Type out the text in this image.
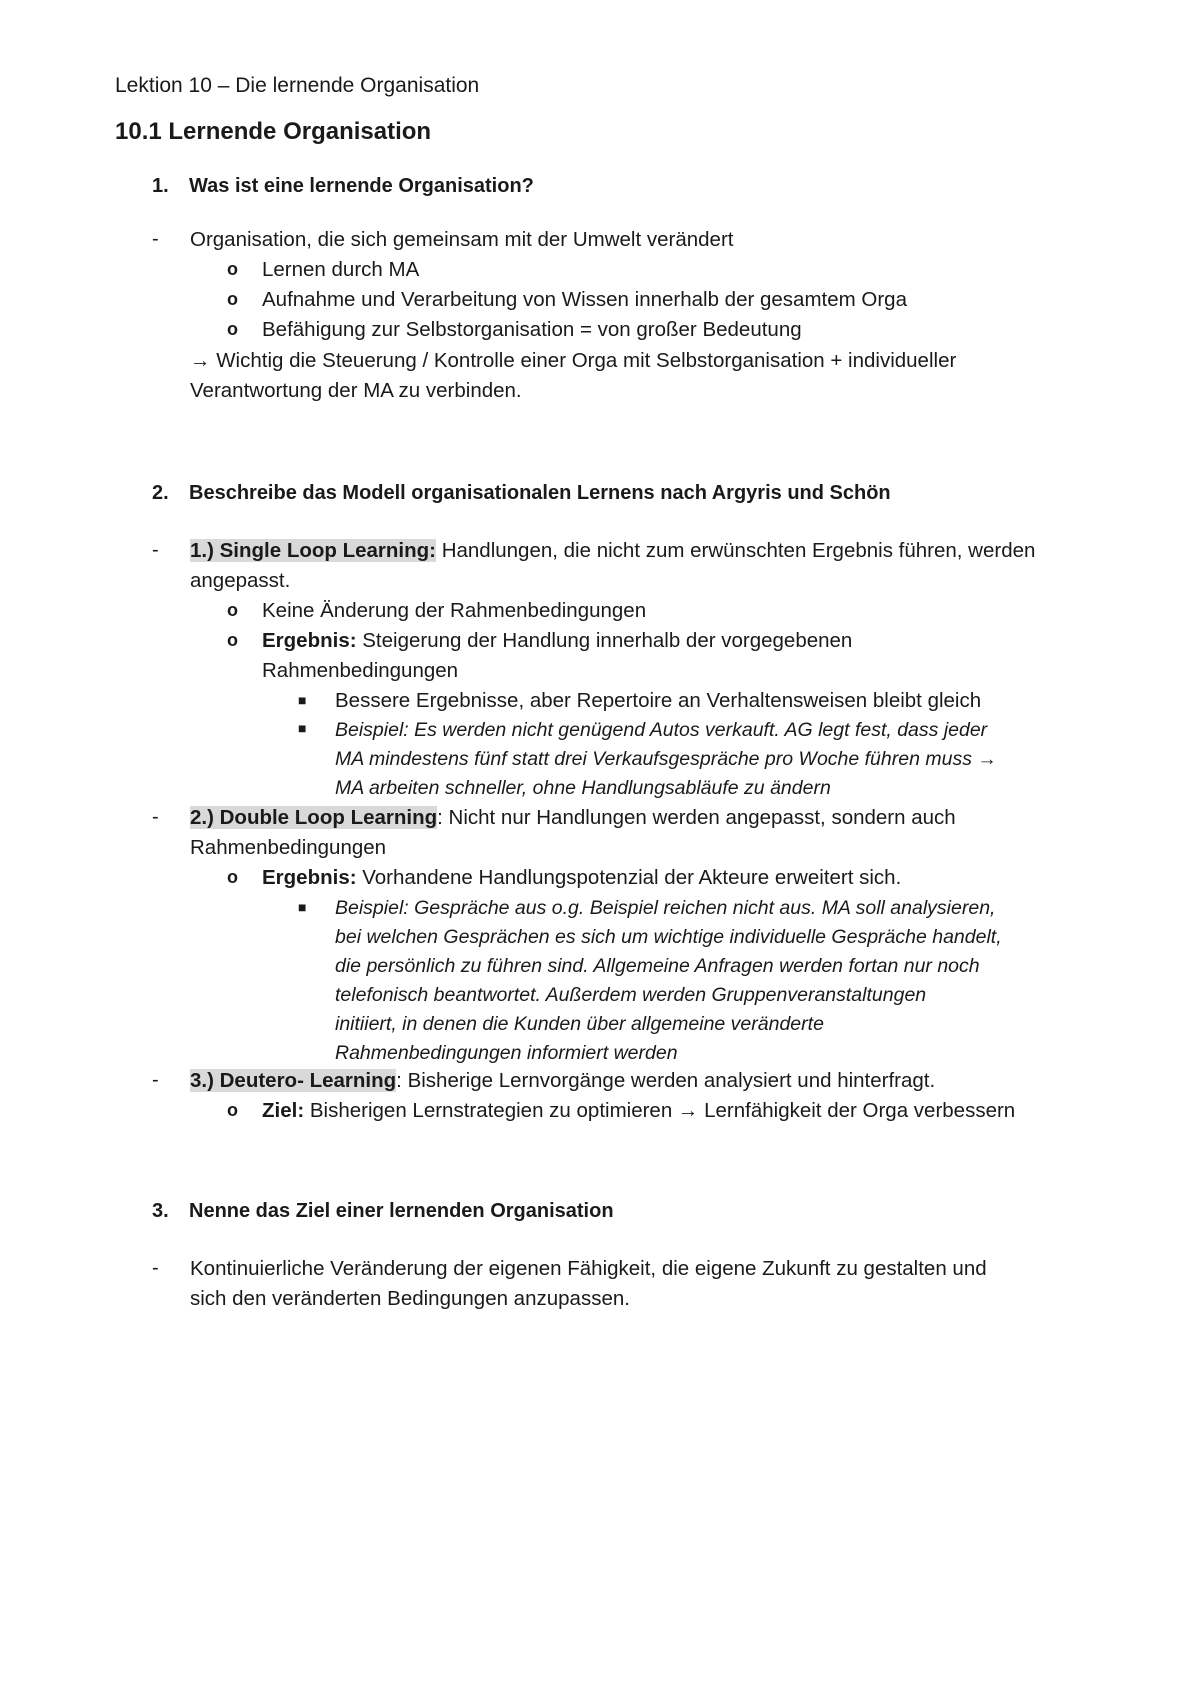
Lektion 10 – Die lernende Organisation
10.1 Lernende Organisation
1. Was ist eine lernende Organisation?
- Organisation, die sich gemeinsam mit der Umwelt verändert
o Lernen durch MA
o Aufnahme und Verarbeitung von Wissen innerhalb der gesamtem Orga
o Befähigung zur Selbstorganisation = von großer Bedeutung
→ Wichtig die Steuerung / Kontrolle einer Orga mit Selbstorganisation + individueller
Verantwortung der MA zu verbinden.
2. Beschreibe das Modell organisationalen Lernens nach Argyris und Schön
- 1.) Single Loop Learning: Handlungen, die nicht zum erwünschten Ergebnis führen, werden
angepasst.
o Keine Änderung der Rahmenbedingungen
o Ergebnis: Steigerung der Handlung innerhalb der vorgegebenen
Rahmenbedingungen
■ Bessere Ergebnisse, aber Repertoire an Verhaltensweisen bleibt gleich
■ Beispiel: Es werden nicht genügend Autos verkauft. AG legt fest, dass jeder
MA mindestens fünf statt drei Verkaufsgespräche pro Woche führen muss →
MA arbeiten schneller, ohne Handlungsabläufe zu ändern
- 2.) Double Loop Learning: Nicht nur Handlungen werden angepasst, sondern auch
Rahmenbedingungen
o Ergebnis: Vorhandene Handlungspotenzial der Akteure erweitert sich.
■ Beispiel: Gespräche aus o.g. Beispiel reichen nicht aus. MA soll analysieren,
bei welchen Gesprächen es sich um wichtige individuelle Gespräche handelt,
die persönlich zu führen sind. Allgemeine Anfragen werden fortan nur noch
telefonisch beantwortet. Außerdem werden Gruppenveranstaltungen
initiiert, in denen die Kunden über allgemeine veränderte
Rahmenbedingungen informiert werden
- 3.) Deutero- Learning: Bisherige Lernvorgänge werden analysiert und hinterfragt.
o Ziel: Bisherigen Lernstrategien zu optimieren → Lernfähigkeit der Orga verbessern
3. Nenne das Ziel einer lernenden Organisation
- Kontinuierliche Veränderung der eigenen Fähigkeit, die eigene Zukunft zu gestalten und
sich den veränderten Bedingungen anzupassen.
